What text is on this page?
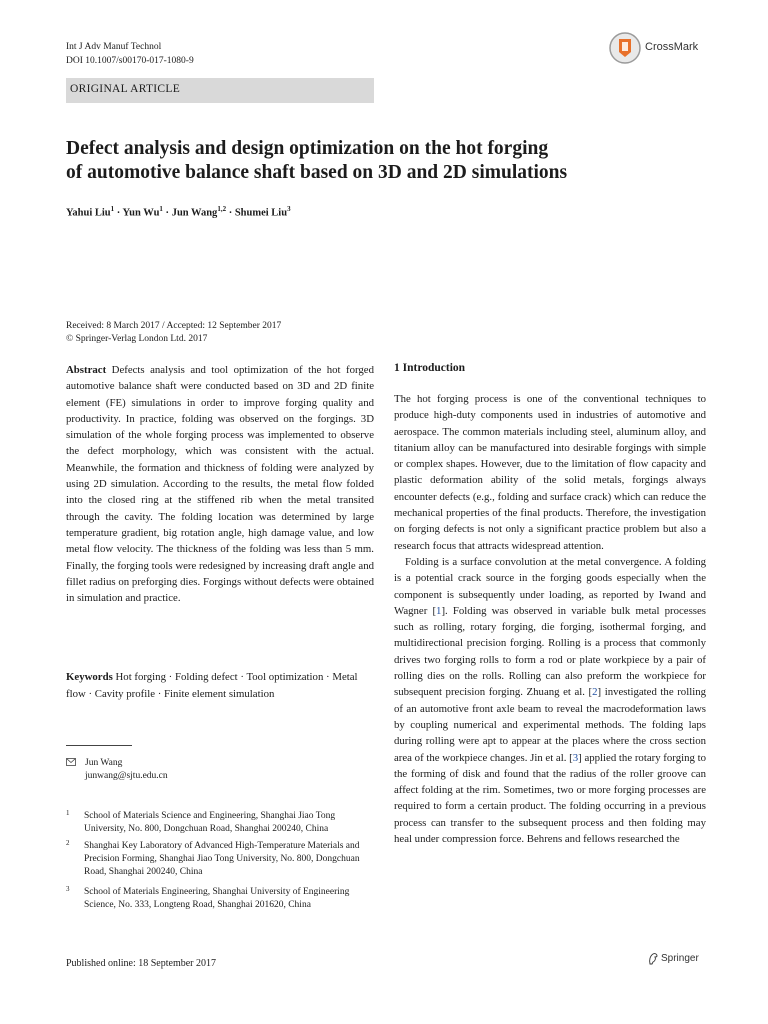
Int J Adv Manuf Technol
DOI 10.1007/s00170-017-1080-9
CrossMark
ORIGINAL ARTICLE
Defect analysis and design optimization on the hot forging
of automotive balance shaft based on 3D and 2D simulations
Yahui Liu$^1$ · Yun $Wu^1$ · Jun Wang$^{1,2}$ · Shumei Liu$^3$
Received: 8 March 2017 / Accepted: 12 September 2017
© Springer-Verlag London Ltd. 2017
Abstract Defects analysis and tool optimization of the hot forged automotive balance shaft were conducted based on 3D and 2D finite element (FE) simulations in order to improve forging quality and productivity. In practice, folding was observed on the forgings. 3D simulation of the whole forging process was implemented to observe the defect morphology, which was consistent with the actual. Meanwhile, the formation and thickness of folding were analyzed by using 2D simulation. According to the results, the metal flow folded into the closed ring at the stiffened rib when the metal transited through the cavity. The folding location was determined by large temperature gradient, big rotation angle, high damage value, and low metal flow velocity. The thickness of the folding was less than 5 mm. Finally, the forging tools were redesigned by increasing draft angle and fillet radius on preforging dies. Forgings without defects were obtained in simulation and practice.
Keywords Hot forging · Folding defect · Tool optimization · Metal flow · Cavity profile · Finite element simulation
Jun Wang
junwang@sjtu.edu.cn
1	School of Materials Science and Engineering, Shanghai Jiao Tong University, No. 800, Dongchuan Road, Shanghai 200240, China
2	Shanghai Key Laboratory of Advanced High-Temperature Materials and Precision Forming, Shanghai Jiao Tong University, No. 800, Dongchuan Road, Shanghai 200240, China
3	School of Materials Engineering, Shanghai University of Engineering Science, No. 333, Longteng Road, Shanghai 201620, China
Published online: 18 September 2017	Springer
1 Introduction

The hot forging process is one of the conventional techniques to produce high-duty components used in industries of automotive and aerospace. The common materials including steel, aluminum alloy, and titanium alloy can be manufactured into desirable forgings with simple or complex shapes. However, due to the limitation of flow capacity and plastic deformation ability of the solid metals, forgings always encounter defects (e.g., folding and surface crack) which can reduce the mechanical properties of the final products. Therefore, the investigation on forging defects is not only a significant practice problem but also a research focus that attracts widespread attention.

Folding is a surface convolution at the metal convergence. A folding is a potential crack source in the forging goods especially when the component is subsequently under loading, as reported by Iwand and Wagner [1]. Folding was observed in variable bulk metal processes such as rolling, rotary forging, die forging, isothermal forging, and multidirectional precision forging. Rolling is a process that commonly drives two forging rolls to form a rod or plate workpiece by a pair of rolling dies on the rolls. Rolling can also preform the workpiece for subsequent precision forging. Zhuang et al. [2] investigated the rolling of an automotive front axle beam to reveal the macrodeformation laws by coupling numerical and experimental methods. The folding laps during rolling were apt to appear at the places where the cross section area of the workpiece changes. Jin et al. [3] applied the rotary forging to the forming of disk and found that the radius of the roller groove can affect folding at the rim. Sometimes, two or more forging processes are required to form a certain product. The folding occurring in a previous process can transfer to the subsequent process and then folding may heal under compression force. Behrens and fellows researched the
